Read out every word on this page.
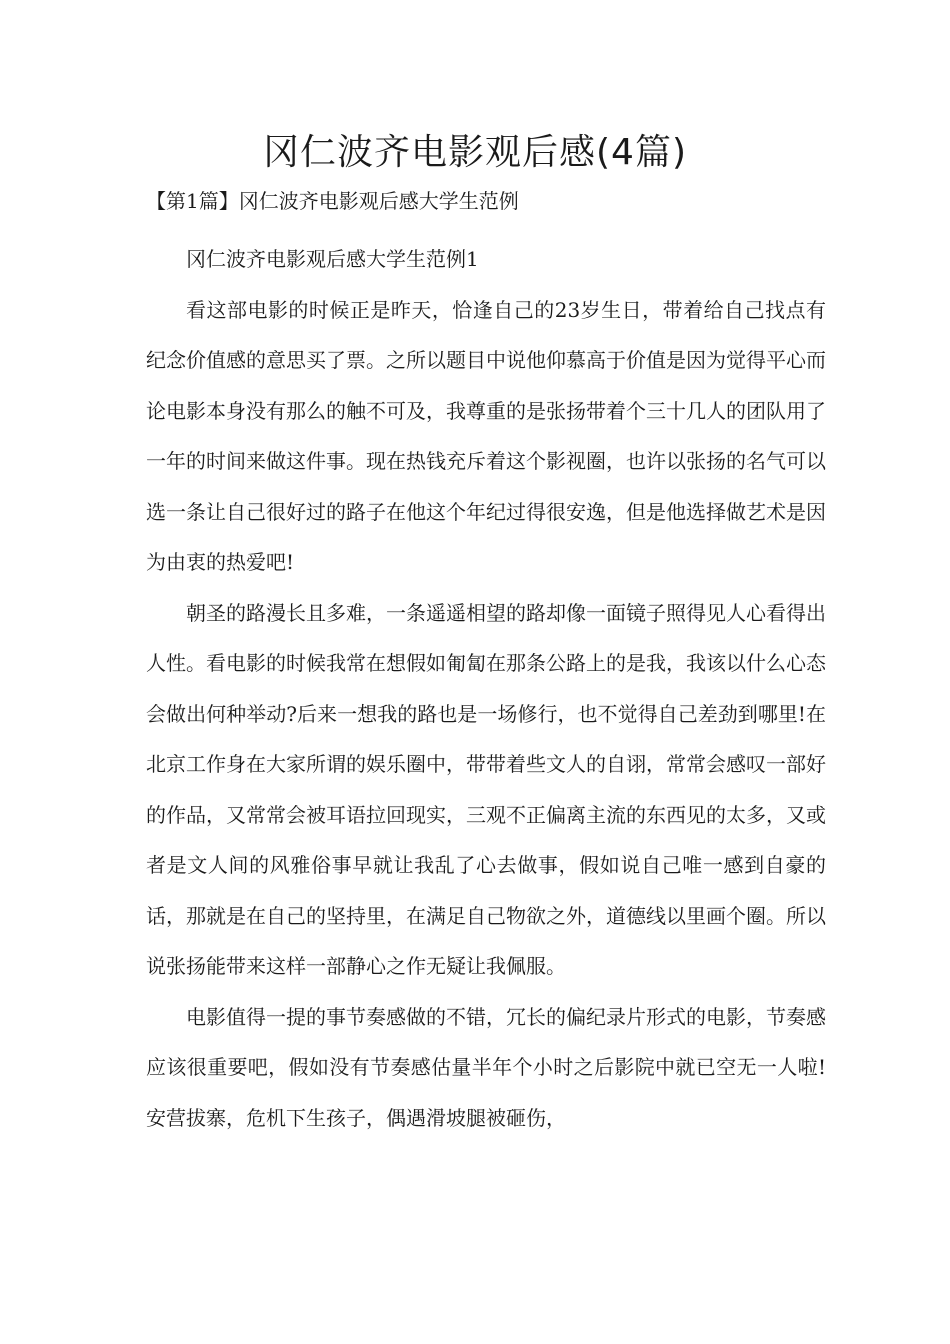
冈仁波齐电影观后感(4篇)
【第1篇】冈仁波齐电影观后感大学生范例

冈仁波齐电影观后感大学生范例1

看这部电影的时候正是昨天，恰逢自己的23岁生日，带着给自己找点有纪念价值感的意思买了票。之所以题目中说他仰慕高于价值是因为觉得平心而论电影本身没有那么的触不可及，我尊重的是张扬带着个三十几人的团队用了一年的时间来做这件事。现在热钱充斥着这个影视圈，也许以张扬的名气可以选一条让自己很好过的路子在他这个年纪过得很安逸，但是他选择做艺术是因为由衷的热爱吧!

朝圣的路漫长且多难，一条遥遥相望的路却像一面镜子照得见人心看得出人性。看电影的时候我常在想假如匍匐在那条公路上的是我，我该以什么心态会做出何种举动?后来一想我的路也是一场修行，也不觉得自己差劲到哪里!在北京工作身在大家所谓的娱乐圈中，带带着些文人的自诩，常常会感叹一部好的作品，又常常会被耳语拉回现实，三观不正偏离主流的东西见的太多，又或者是文人间的风雅俗事早就让我乱了心去做事，假如说自己唯一感到自豪的话，那就是在自己的坚持里，在满足自己物欲之外，道德线以里画个圈。所以说张扬能带来这样一部静心之作无疑让我佩服。

电影值得一提的事节奏感做的不错，冗长的偏纪录片形式的电影，节奏感应该很重要吧，假如没有节奏感估量半年个小时之后影院中就已空无一人啦!安营拔寨，危机下生孩子，偶遇滑坡腿被砸伤，
